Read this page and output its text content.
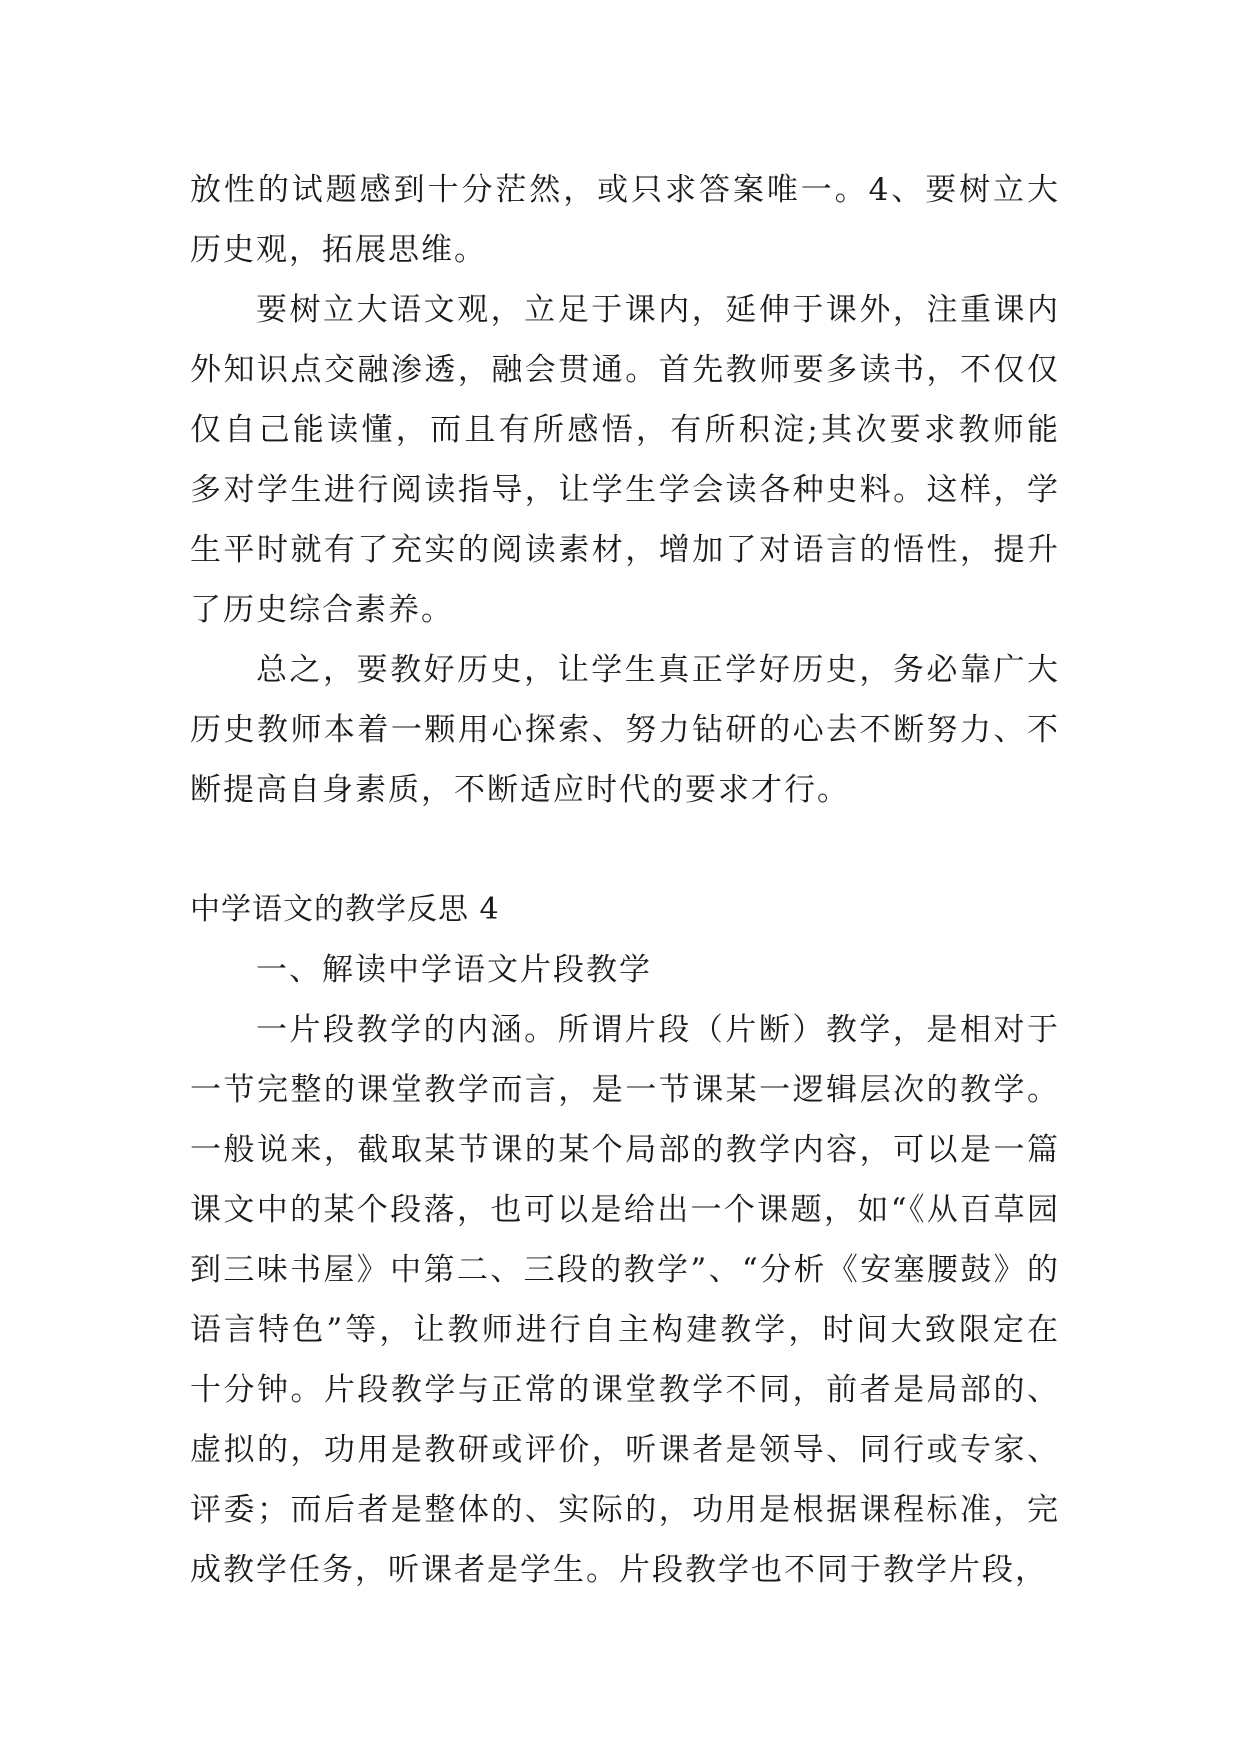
放性的试题感到十分茫然，或只求答案唯一。4、要树立大历史观，拓展思维。

要树立大语文观，立足于课内，延伸于课外，注重课内外知识点交融渗透，融会贯通。首先教师要多读书，不仅仅仅自己能读懂，而且有所感悟，有所积淀;其次要求教师能多对学生进行阅读指导，让学生学会读各种史料。这样，学生平时就有了充实的阅读素材，增加了对语言的悟性，提升了历史综合素养。

总之，要教好历史，让学生真正学好历史，务必靠广大历史教师本着一颗用心探索、努力钻研的心去不断努力、不断提高自身素质，不断适应时代的要求才行。

中学语文的教学反思 4

一、解读中学语文片段教学

一片段教学的内涵。所谓片段（片断）教学，是相对于一节完整的课堂教学而言，是一节课某一逻辑层次的教学。一般说来，截取某节课的某个局部的教学内容，可以是一篇课文中的某个段落，也可以是给出一个课题，如“《从百草园到三味书屋》中第二、三段的教学”、“分析《安塞腰鼓》的语言特色”等，让教师进行自主构建教学，时间大致限定在十分钟。片段教学与正常的课堂教学不同，前者是局部的、虚拟的，功用是教研或评价，听课者是领导、同行或专家、评委；而后者是整体的、实际的，功用是根据课程标准，完成教学任务，听课者是学生。片段教学也不同于教学片段，
